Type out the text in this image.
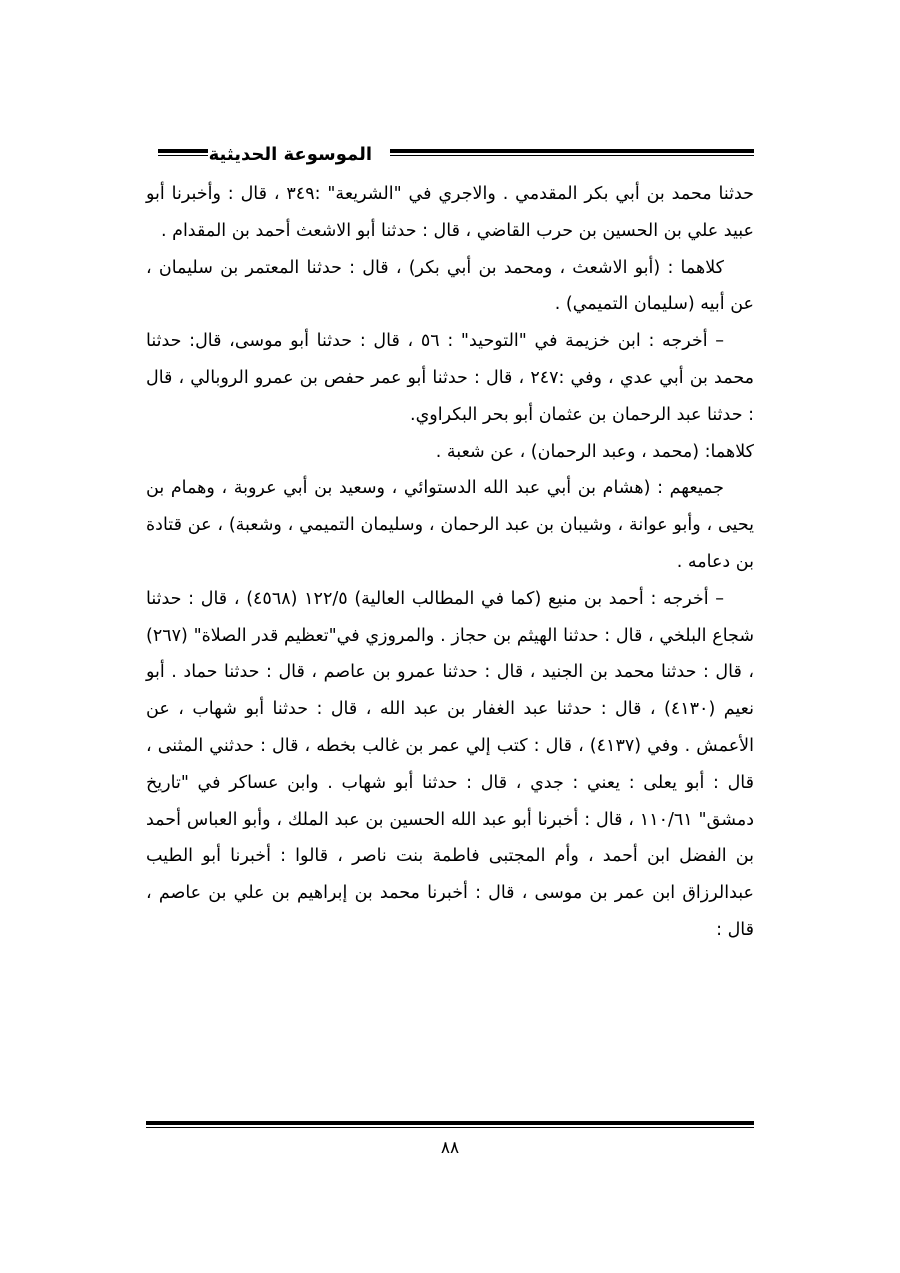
الموسوعة الحديثية

حدثنا محمد بن أبي بكر المقدمي . والاجري في "الشريعة" :٣٤٩ ، قال : وأخبرنا أبو عبيد علي بن الحسين بن حرب القاضي ، قال : حدثنا أبو الاشعث أحمد بن المقدام .

كلاهما : (أبو الاشعث ، ومحمد بن أبي بكر) ، قال : حدثنا المعتمر بن سليمان ، عن أبيه (سليمان التميمي) .

– أخرجه : ابن خزيمة في "التوحيد" : ٥٦ ، قال : حدثنا أبو موسى، قال: حدثنا محمد بن أبي عدي ، وفي :٢٤٧ ، قال : حدثنا أبو عمر حفص بن عمرو الروبالي ، قال : حدثنا عبد الرحمان بن عثمان أبو بحر البكراوي.

كلاهما: (محمد ، وعبد الرحمان) ، عن شعبة .

جميعهم : (هشام بن أبي عبد الله الدستوائي ، وسعيد بن أبي عروبة ، وهمام بن يحيى ، وأبو عوانة ، وشيبان بن عبد الرحمان ، وسليمان التميمي ، وشعبة) ، عن قتادة بن دعامه .

– أخرجه : أحمد بن منيع (كما في المطالب العالية) ١٢٢/٥ (٤٥٦٨) ، قال : حدثنا شجاع البلخي ، قال : حدثنا الهيثم بن حجاز . والمروزي في"تعظيم قدر الصلاة" (٢٦٧) ، قال : حدثنا محمد بن الجنيد ، قال : حدثنا عمرو بن عاصم ، قال : حدثنا حماد . أبو نعيم (٤١٣٠) ، قال : حدثنا عبد الغفار بن عبد الله ، قال : حدثنا أبو شهاب ، عن الأعمش . وفي (٤١٣٧) ، قال : كتب إلي عمر بن غالب بخطه ، قال : حدثني المثنى ، قال : أبو يعلى : يعني : جدي ، قال : حدثنا أبو شهاب . وابن عساكر في "تاريخ دمشق" ١١٠/٦١ ، قال : أخبرنا أبو عبد الله الحسين بن عبد الملك ، وأبو العباس أحمد بن الفضل ابن أحمد ، وأم المجتبى فاطمة بنت ناصر ، قالوا : أخبرنا أبو الطيب عبدالرزاق ابن عمر بن موسى ، قال : أخبرنا محمد بن إبراهيم بن علي بن عاصم ، قال :

٨٨
